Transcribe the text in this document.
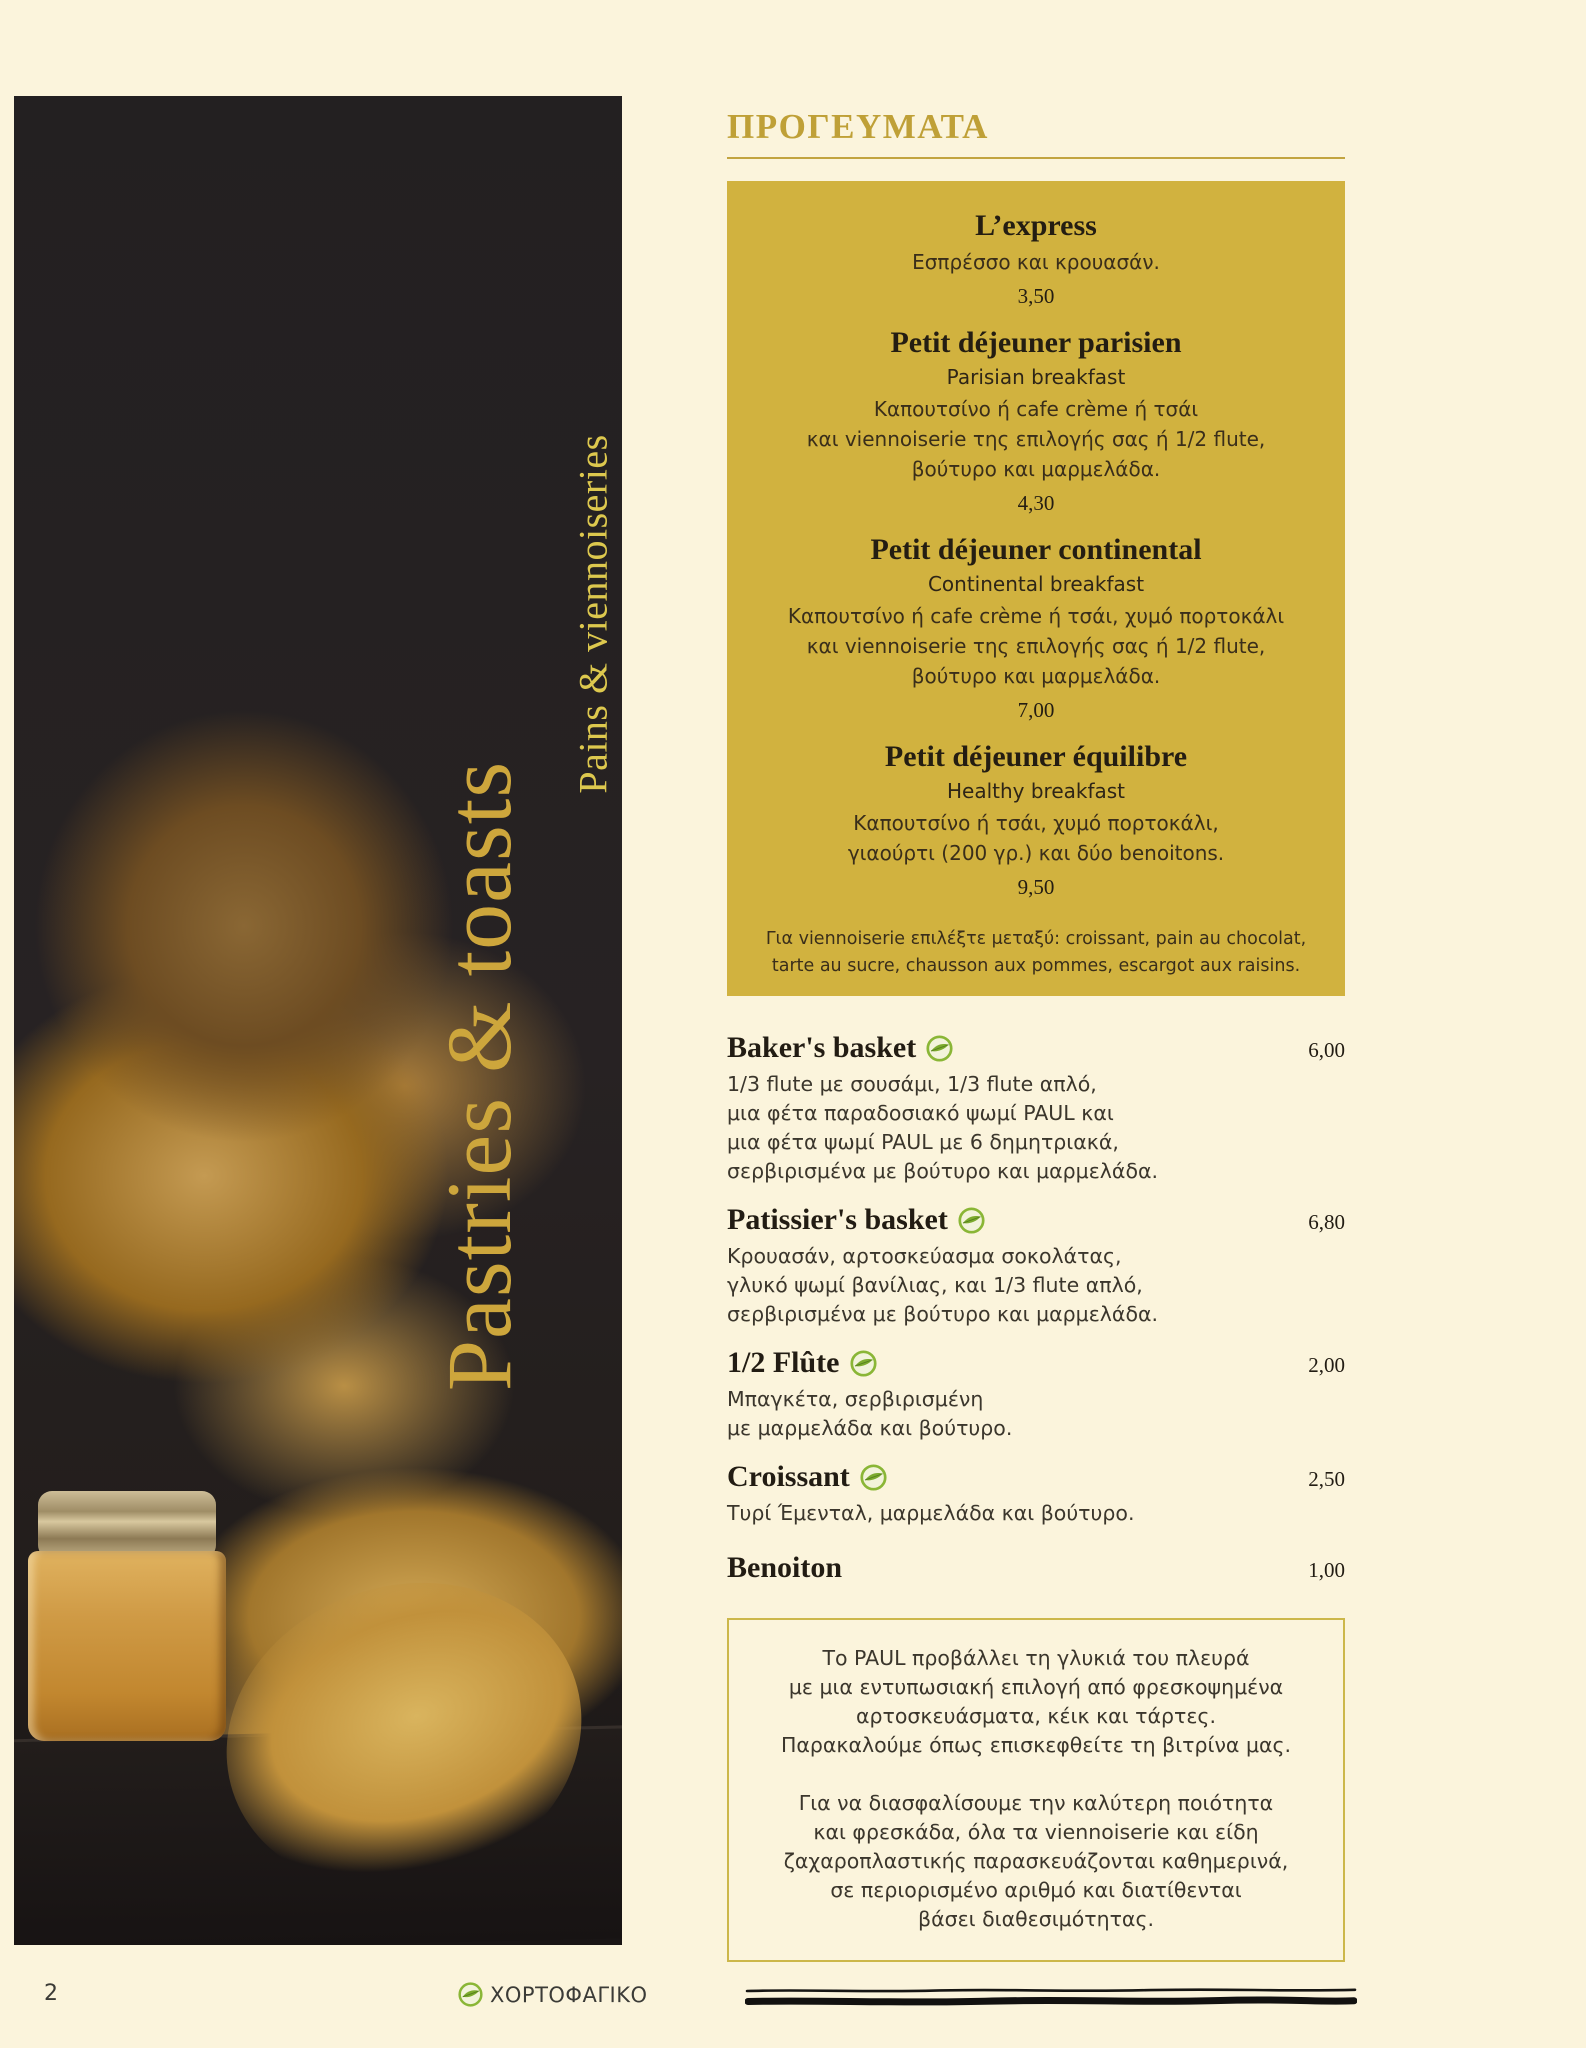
Pastries & toasts
Pains & viennoiseries
ΠΡΟΓΕΥΜΑΤΑ
L’express
Εσπρέσσο και κρουασάν.
3,50
Petit déjeuner parisien
Parisian breakfast
Καπουτσίνο ή cafe crème ή τσάι
και viennoiserie της επιλογής σας ή 1/2 flute,
βούτυρο και μαρμελάδα.
4,30
Petit déjeuner continental
Continental breakfast
Καπουτσίνο ή cafe crème ή τσάι, χυμό πορτοκάλι
και viennoiserie της επιλογής σας ή 1/2 flute,
βούτυρο και μαρμελάδα.
7,00
Petit déjeuner équilibre
Healthy breakfast
Καπουτσίνο ή τσάι, χυμό πορτοκάλι,
γιαούρτι (200 γρ.) και δύο benoitons.
9,50
Για viennoiserie επιλέξτε μεταξύ: croissant, pain au chocolat,
tarte au sucre, chausson aux pommes, escargot aux raisins.
Baker's basket	6,00
1/3 flute με σουσάμι, 1/3 flute απλό,
μια φέτα παραδοσιακό ψωμί PAUL και
μια φέτα ψωμί PAUL με 6 δημητριακά,
σερβιρισμένα με βούτυρο και μαρμελάδα.
Patissier's basket	6,80
Κρουασάν, αρτοσκεύασμα σοκολάτας,
γλυκό ψωμί βανίλιας, και 1/3 flute απλό,
σερβιρισμένα με βούτυρο και μαρμελάδα.
1/2 Flûte	2,00
Μπαγκέτα, σερβιρισμένη
με μαρμελάδα και βούτυρο.
Croissant	2,50
Τυρί Έμενταλ, μαρμελάδα και βούτυρο.
Benoiton	1,00
Το PAUL προβάλλει τη γλυκιά του πλευρά
με μια εντυπωσιακή επιλογή από φρεσκοψημένα
αρτοσκευάσματα, κέικ και τάρτες.
Παρακαλούμε όπως επισκεφθείτε τη βιτρίνα μας.
Για να διασφαλίσουμε την καλύτερη ποιότητα
και φρεσκάδα, όλα τα viennoiserie και είδη
ζαχαροπλαστικής παρασκευάζονται καθημερινά,
σε περιορισμένο αριθμό και διατίθενται
βάσει διαθεσιμότητας.
2	ΧΟΡΤΟΦΑΓΙΚΟ
